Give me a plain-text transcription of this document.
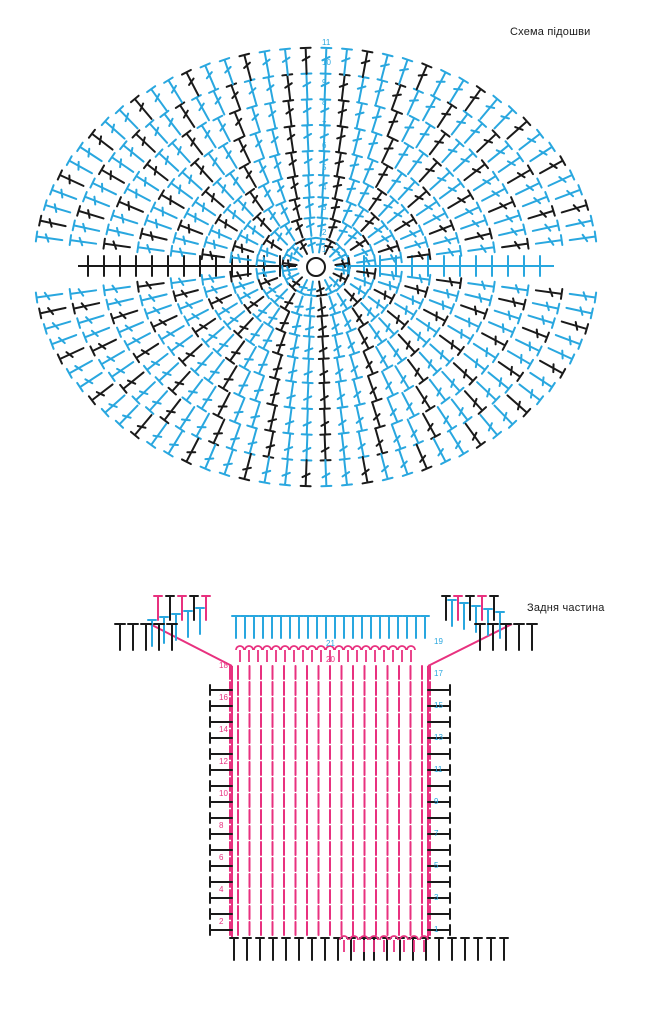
Схема підошви
Задня частина
1
2
3
4
5
6
7
8
9
10
11
2
4
6
8
10
12
14
16
18
1
3
5
7
9
11
13
15
17
19
21
20
